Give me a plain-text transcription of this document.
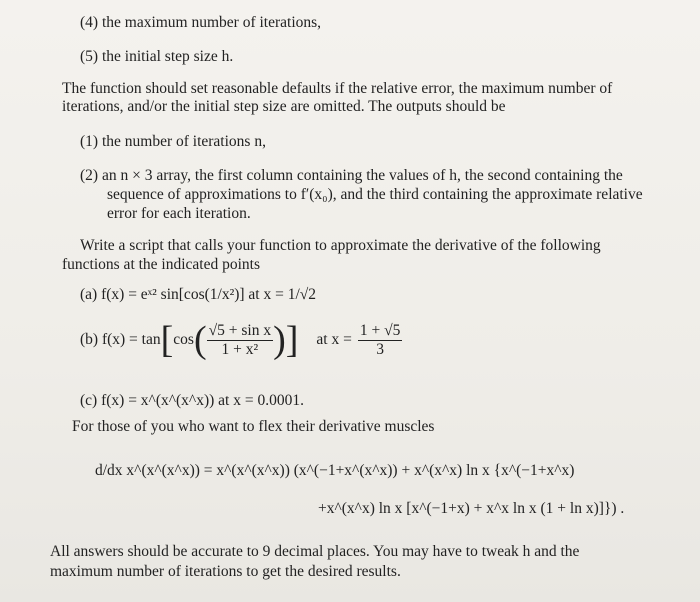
(4) the maximum number of iterations,
(5) the initial step size h.
The function should set reasonable defaults if the relative error, the maximum number of
iterations, and/or the initial step size are omitted. The outputs should be
(1) the number of iterations n,
(2) an n × 3 array, the first column containing the values of h, the second containing the
sequence of approximations to f′(x₀), and the third containing the approximate relative
error for each iteration.
Write a script that calls your function to approximate the derivative of the following
functions at the indicated points
(a) f(x) = eˣ² sin[cos(1/x²)] at x = 1/√2
(b) f(x) = tan [ cos ( $\frac{\text{√5 + sin x}}{\text{1 + x²}}$ ) ] at $x = \frac{1 + √5}{3}$
(c) f(x) = x^(x^(x^x)) at x = 0.0001.
For those of you who want to flex their derivative muscles
d/dx x^(x^(x^x)) = x^(x^(x^x)) (x^(−1+x^(x^x)) + x^(x^x) ln x {x^(−1+x^x)
+x^(x^x) ln x [x^(−1+x) + x^x ln x (1 + ln x)]}) .
All answers should be accurate to 9 decimal places. You may have to tweak h and the
maximum number of iterations to get the desired results.
